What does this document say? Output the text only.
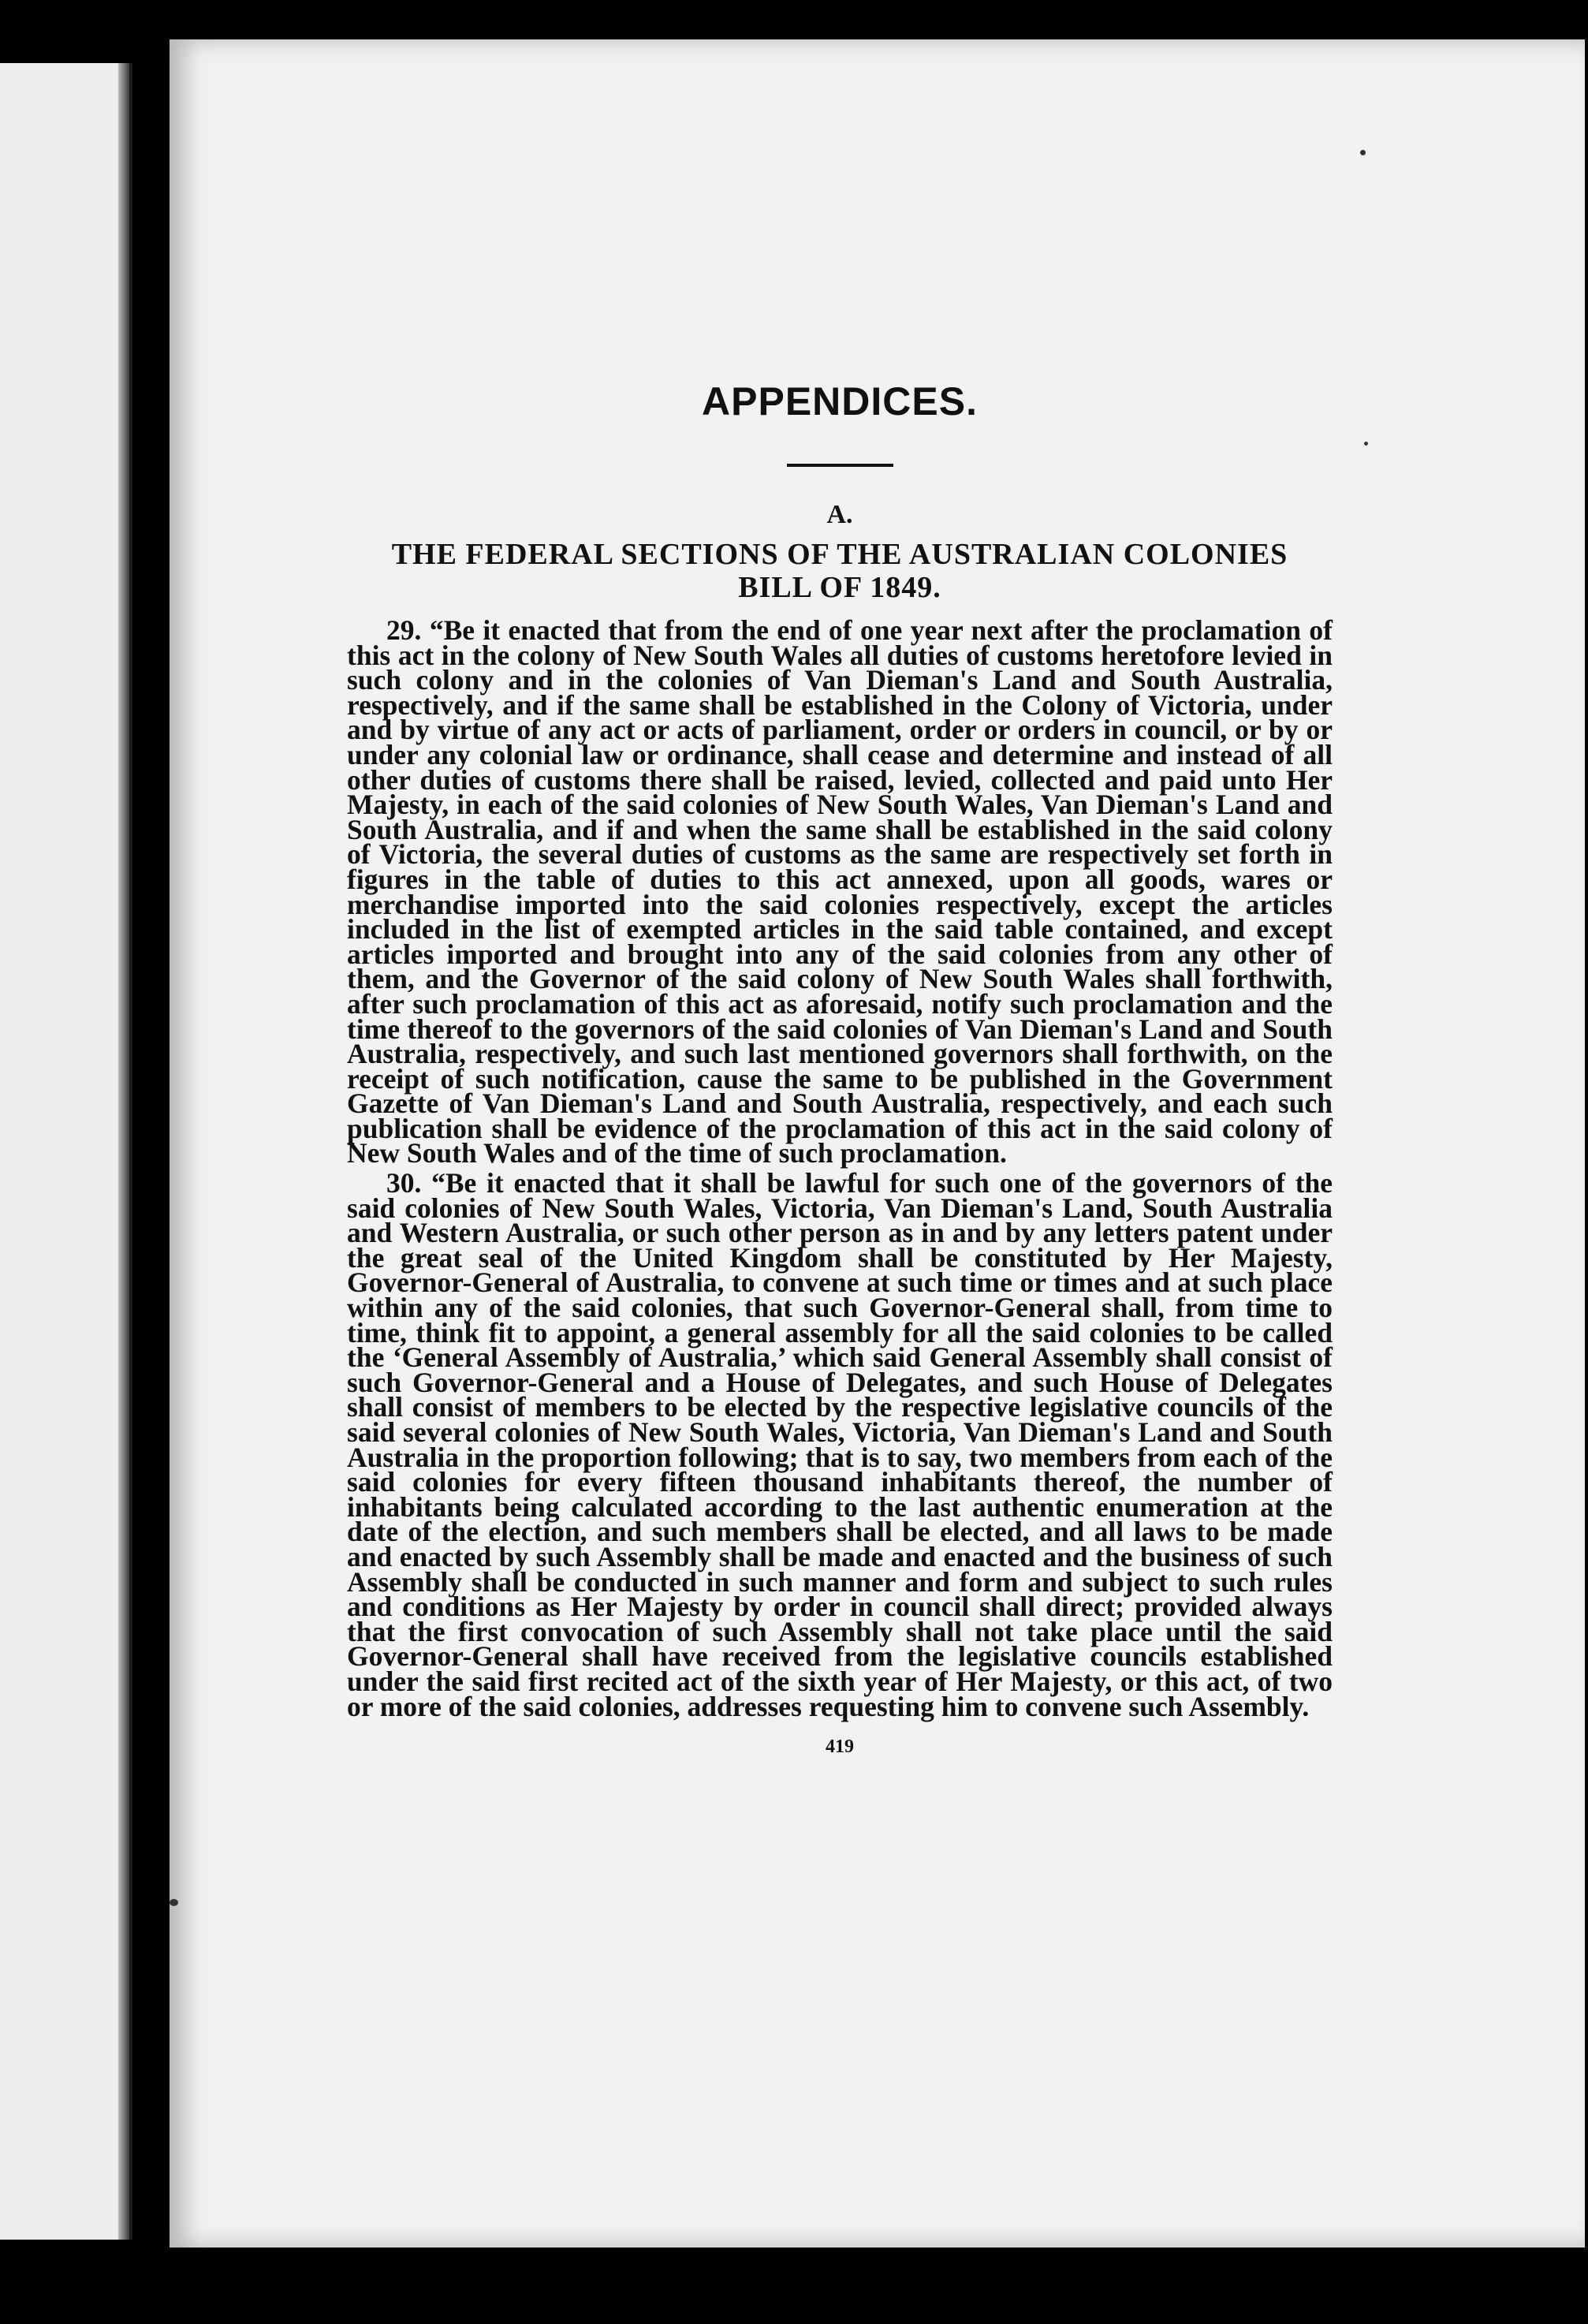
APPENDICES.
A.
THE FEDERAL SECTIONS OF THE AUSTRALIAN COLONIES
BILL OF 1849.

29. “Be it enacted that from the end of one year next after the proclamation of this act in the colony of New South Wales all duties of customs heretofore levied in such colony and in the colonies of Van Dieman's Land and South Australia, respectively, and if the same shall be established in the Colony of Victoria, under and by virtue of any act or acts of parliament, order or orders in council, or by or under any colonial law or ordinance, shall cease and determine and instead of all other duties of customs there shall be raised, levied, collected and paid unto Her Majesty, in each of the said colonies of New South Wales, Van Dieman's Land and South Australia, and if and when the same shall be established in the said colony of Victoria, the several duties of customs as the same are respectively set forth in figures in the table of duties to this act annexed, upon all goods, wares or merchandise imported into the said colonies respectively, except the articles included in the list of exempted articles in the said table contained, and except articles imported and brought into any of the said colonies from any other of them, and the Governor of the said colony of New South Wales shall forthwith, after such proclamation of this act as aforesaid, notify such proclamation and the time thereof to the governors of the said colonies of Van Dieman's Land and South Australia, respectively, and such last mentioned governors shall forthwith, on the receipt of such notification, cause the same to be published in the Government Gazette of Van Dieman's Land and South Australia, respectively, and each such publication shall be evidence of the proclamation of this act in the said colony of New South Wales and of the time of such proclamation.

30. “Be it enacted that it shall be lawful for such one of the governors of the said colonies of New South Wales, Victoria, Van Dieman's Land, South Australia and Western Australia, or such other person as in and by any letters patent under the great seal of the United Kingdom shall be constituted by Her Majesty, Governor-General of Australia, to convene at such time or times and at such place within any of the said colonies, that such Governor-General shall, from time to time, think fit to appoint, a general assembly for all the said colonies to be called the ‘General Assembly of Australia,’ which said General Assembly shall consist of such Governor-General and a House of Delegates, and such House of Delegates shall consist of members to be elected by the respective legislative councils of the said several colonies of New South Wales, Victoria, Van Dieman's Land and South Australia in the proportion following; that is to say, two members from each of the said colonies for every fifteen thousand inhabitants thereof, the number of inhabitants being calculated according to the last authentic enumeration at the date of the election, and such members shall be elected, and all laws to be made and enacted by such Assembly shall be made and enacted and the business of such Assembly shall be conducted in such manner and form and subject to such rules and conditions as Her Majesty by order in council shall direct; provided always that the first convocation of such Assembly shall not take place until the said Governor-General shall have received from the legislative councils established under the said first recited act of the sixth year of Her Majesty, or this act, of two or more of the said colonies, addresses requesting him to convene such Assembly.

419
